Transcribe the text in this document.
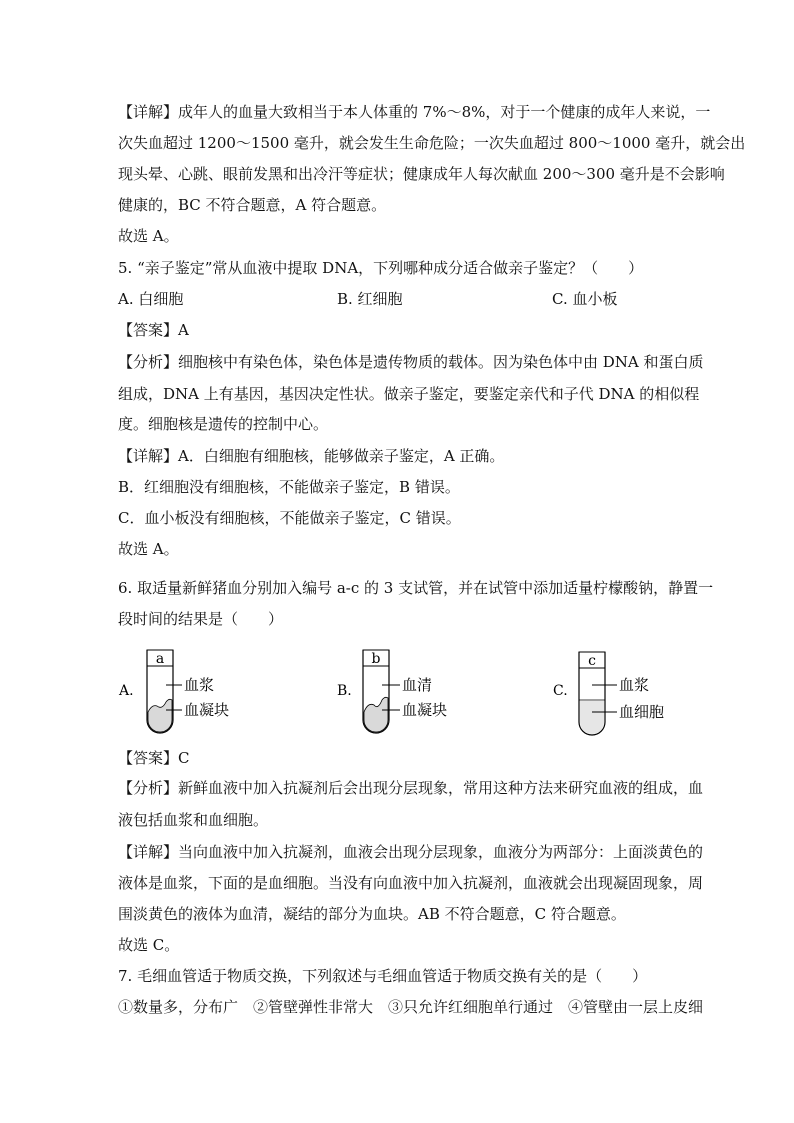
【详解】成年人的血量大致相当于本人体重的 7%～8%，对于一个健康的成年人来说，一
次失血超过 1200～1500 毫升，就会发生生命危险；一次失血超过 800～1000 毫升，就会出
现头晕、心跳、眼前发黑和出冷汗等症状；健康成年人每次献血 200～300 毫升是不会影响
健康的，BC 不符合题意，A 符合题意。
故选 A。
5. “亲子鉴定”常从血液中提取 DNA，下列哪种成分适合做亲子鉴定？（　　）
A. 白细胞	B. 红细胞	C. 血小板
【答案】A
【分析】细胞核中有染色体，染色体是遗传物质的载体。因为染色体中由 DNA 和蛋白质
组成，DNA 上有基因，基因决定性状。做亲子鉴定，要鉴定亲代和子代 DNA 的相似程
度。细胞核是遗传的控制中心。
【详解】A．白细胞有细胞核，能够做亲子鉴定，A 正确。
B．红细胞没有细胞核，不能做亲子鉴定，B 错误。
C．血小板没有细胞核，不能做亲子鉴定，C 错误。
故选 A。
6. 取适量新鲜猪血分别加入编号 a-c 的 3 支试管，并在试管中添加适量柠檬酸钠，静置一
段时间的结果是（　　）
A.
a
血浆
血凝块
B.
b
血清
血凝块
C.
c
血浆
血细胞
【答案】C
【分析】新鲜血液中加入抗凝剂后会出现分层现象，常用这种方法来研究血液的组成，血
液包括血浆和血细胞。
【详解】当向血液中加入抗凝剂，血液会出现分层现象，血液分为两部分：上面淡黄色的
液体是血浆，下面的是血细胞。当没有向血液中加入抗凝剂，血液就会出现凝固现象，周
围淡黄色的液体为血清，凝结的部分为血块。AB 不符合题意，C 符合题意。
故选 C。
7. 毛细血管适于物质交换，下列叙述与毛细血管适于物质交换有关的是（　　）
①数量多，分布广　②管壁弹性非常大　③只允许红细胞单行通过　④管壁由一层上皮细
